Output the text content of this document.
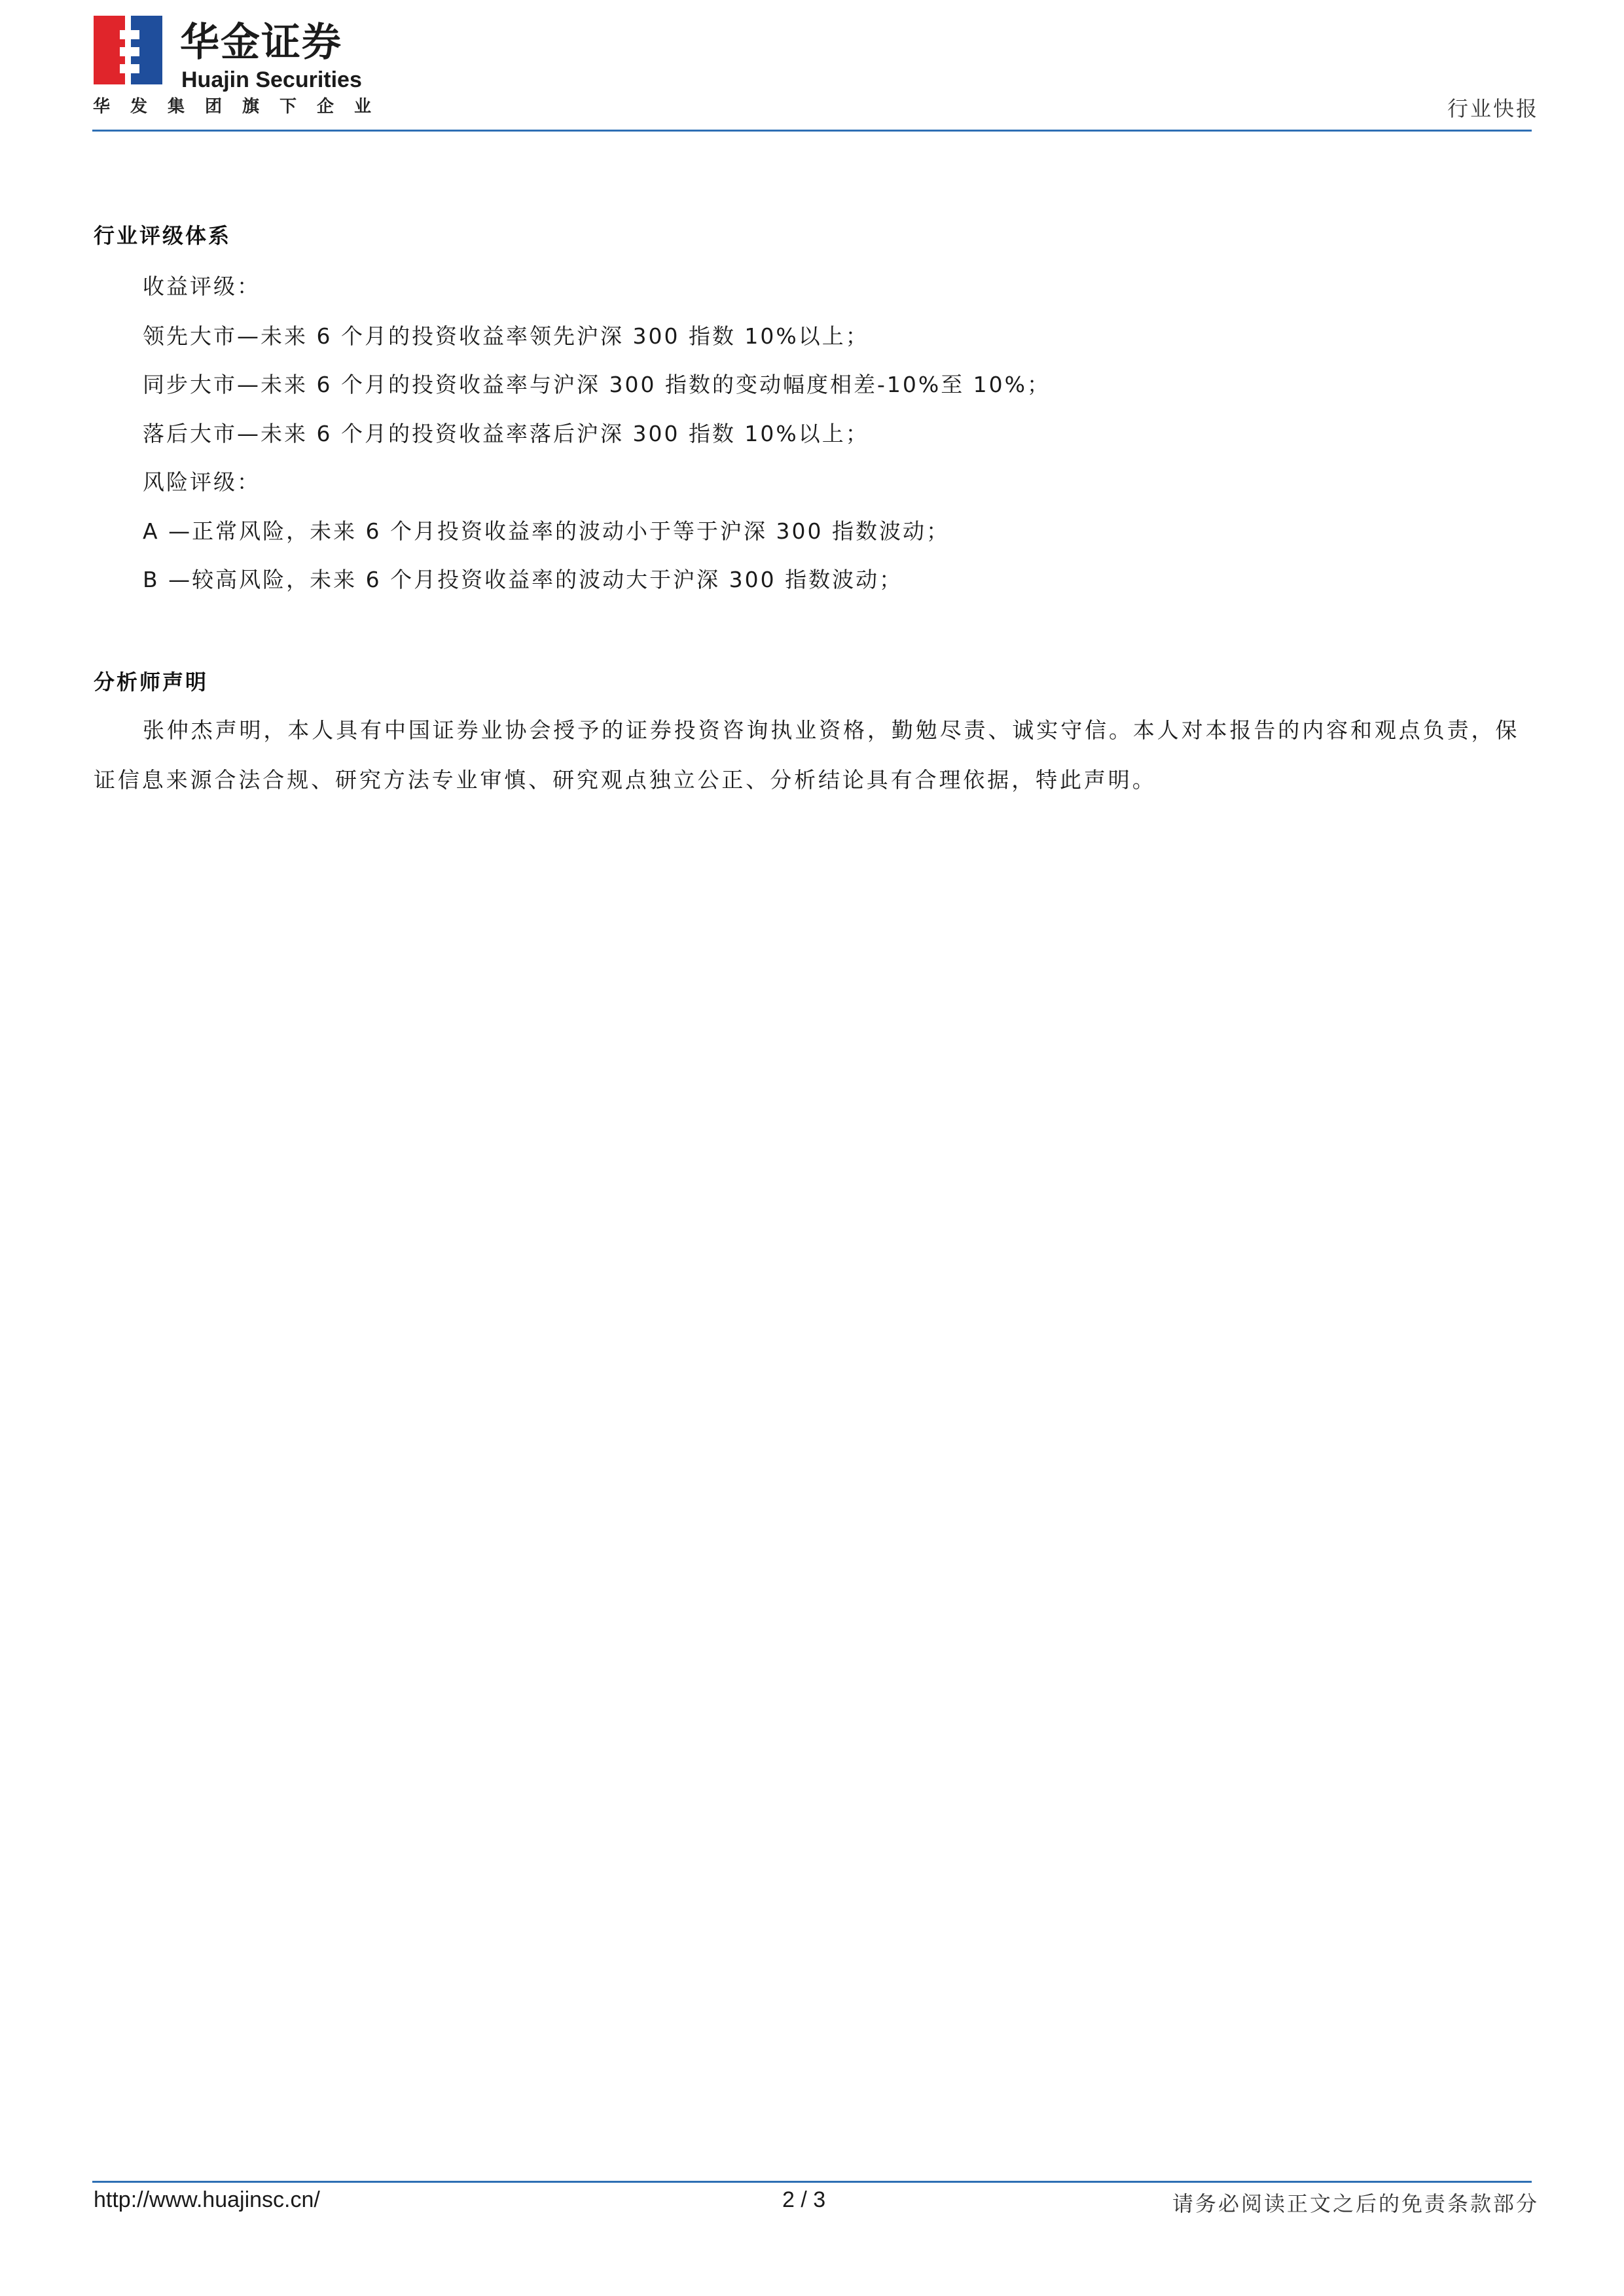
华金证券
Huajin Securities
华发集团旗下企业	行业快报
行业评级体系
收益评级：
领先大市—未来 6 个月的投资收益率领先沪深 300 指数 10%以上；
同步大市—未来 6 个月的投资收益率与沪深 300 指数的变动幅度相差-10%至 10%；
落后大市—未来 6 个月的投资收益率落后沪深 300 指数 10%以上；
风险评级：
A —正常风险，未来 6 个月投资收益率的波动小于等于沪深 300 指数波动；
B —较高风险，未来 6 个月投资收益率的波动大于沪深 300 指数波动；
分析师声明
张仲杰声明，本人具有中国证券业协会授予的证券投资咨询执业资格，勤勉尽责、诚实守信。本人对本报告的内容和观点负责，保证信息来源合法合规、研究方法专业审慎、研究观点独立公正、分析结论具有合理依据，特此声明。
http://www.huajinsc.cn/	2 / 3	请务必阅读正文之后的免责条款部分
